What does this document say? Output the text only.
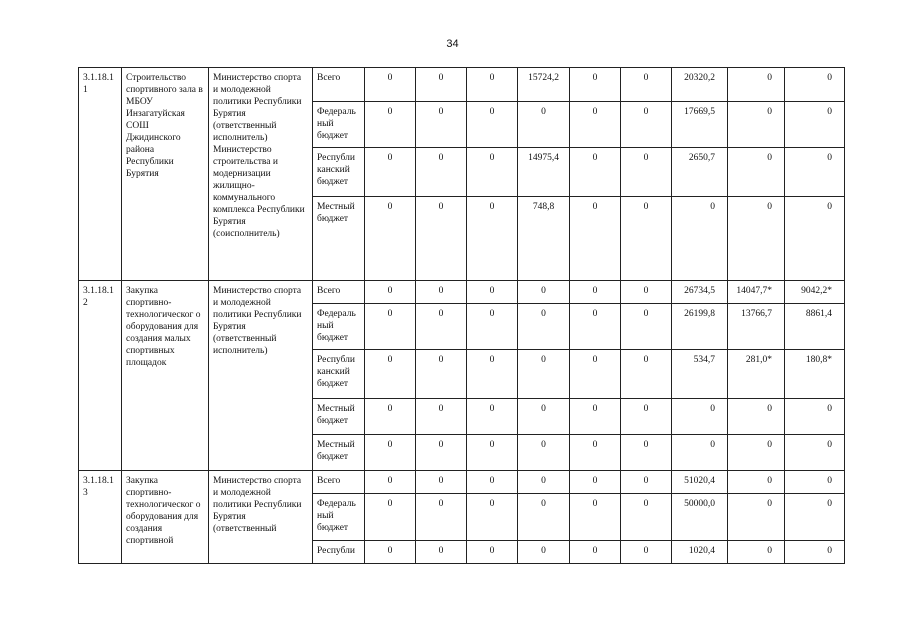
34
3.1.18.1 1	Строительство спортивного зала в МБОУ Инзагатуйская СОШ Джидинского района Республики Бурятия	Министерство спорта и молодежной политики Республики Бурятия (ответственный исполнитель) Министерство строительства и модернизации жилищно-коммунального комплекса Республики Бурятия (соисполнитель)	Всего	0	0	0	15724,2	0	0	20320,2	0	0
			Федераль ный бюджет	0	0	0	0	0	0	17669,5	0	0
			Республи канский бюджет	0	0	0	14975,4	0	0	2650,7	0	0
			Местный бюджет	0	0	0	748,8	0	0	0	0	0
3.1.18.1 2	Закупка спортивно-технологическог о оборудования для создания малых спортивных площадок	Министерство спорта и молодежной политики Республики Бурятия (ответственный исполнитель)	Всего	0	0	0	0	0	0	26734,5	14047,7*	9042,2*
			Федераль ный бюджет	0	0	0	0	0	0	26199,8	13766,7	8861,4
			Республи канский бюджет	0	0	0	0	0	0	534,7	281,0*	180,8*
			Местный бюджет	0	0	0	0	0	0	0	0	0
			Местный бюджет	0	0	0	0	0	0	0	0	0
3.1.18.1 3	Закупка спортивно-технологическог о оборудования для создания спортивной	Министерство спорта и молодежной политики Республики Бурятия (ответственный	Всего	0	0	0	0	0	0	51020,4	0	0
			Федераль ный бюджет	0	0	0	0	0	0	50000,0	0	0
			Республи	0	0	0	0	0	0	1020,4	0	0
